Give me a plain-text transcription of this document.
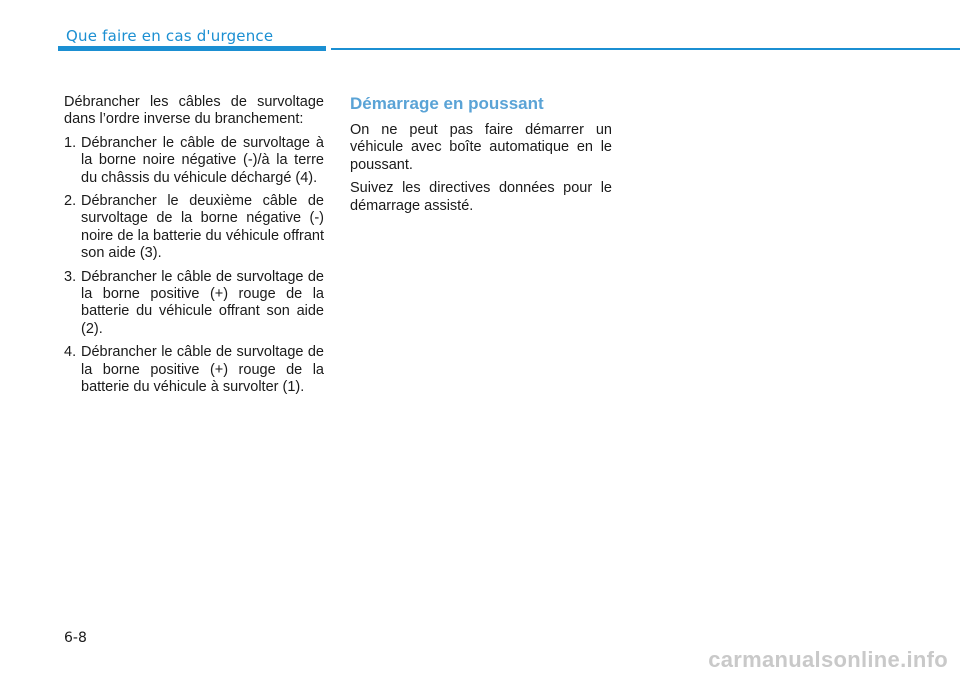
Que faire en cas d'urgence

Débrancher les câbles de survoltage dans l’ordre inverse du branchement:

1. Débrancher le câble de survoltage à la borne noire négative (-)/à la terre du châssis du véhicule déchargé (4).
2. Débrancher le deuxième câble de survoltage de la borne négative (-) noire de la batterie du véhicule offrant son aide (3).
3. Débrancher le câble de survoltage de la borne positive (+) rouge de la batterie du véhicule offrant son aide (2).
4. Débrancher le câble de survoltage de la borne positive (+) rouge de la batterie du véhicule à survolter (1).
Démarrage en poussant

On ne peut pas faire démarrer un véhicule avec boîte automatique en le poussant.

Suivez les directives données pour le démarrage assisté.

6-8
carmanualsonline.info
